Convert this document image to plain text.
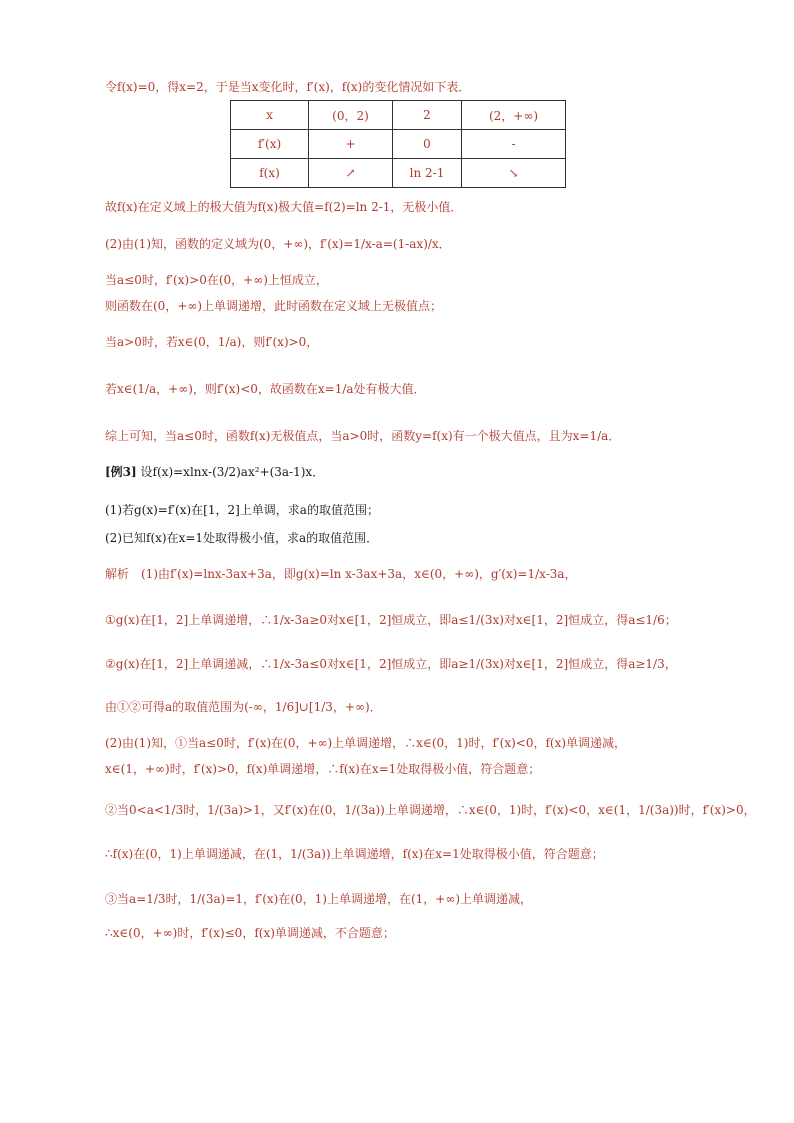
令f(x)=0，得x=2，于是当x变化时，f′(x)，f(x)的变化情况如下表．
x	(0，2)	2	(2，+∞)
f′(x)	+	0	-
f(x)	↗	ln 2-1	↘
故f(x)在定义域上的极大值为f(x)极大值=f(2)=ln 2-1，无极小值．
(2)由(1)知，函数的定义域为(0，+∞)，f′(x)=1/x-a=(1-ax)/x．
当a≤0时，f′(x)>0在(0，+∞)上恒成立，
则函数在(0，+∞)上单调递增，此时函数在定义域上无极值点；
当a>0时，若x∈(0，1/a)，则f′(x)>0，
若x∈(1/a，+∞)，则f′(x)<0，故函数在x=1/a处有极大值．
综上可知，当a≤0时，函数f(x)无极值点，当a>0时，函数y=f(x)有一个极大值点，且为x=1/a．
[例3] 设f(x)=xlnx-(3/2)ax²+(3a-1)x．
(1)若g(x)=f′(x)在[1，2]上单调，求a的取值范围；
(2)已知f(x)在x=1处取得极小值，求a的取值范围．
解析　(1)由f′(x)=lnx-3ax+3a，即g(x)=ln x-3ax+3a，x∈(0，+∞)，g′(x)=1/x-3a，
①g(x)在[1，2]上单调递增，∴1/x-3a≥0对x∈[1，2]恒成立，即a≤1/(3x)对x∈[1，2]恒成立，得a≤1/6；
②g(x)在[1，2]上单调递减，∴1/x-3a≤0对x∈[1，2]恒成立，即a≥1/(3x)对x∈[1，2]恒成立，得a≥1/3，
由①②可得a的取值范围为(-∞，1/6]∪[1/3，+∞)．
(2)由(1)知，①当a≤0时，f′(x)在(0，+∞)上单调递增，∴x∈(0，1)时，f′(x)<0，f(x)单调递减，
x∈(1，+∞)时，f′(x)>0，f(x)单调递增，∴f(x)在x=1处取得极小值，符合题意；
②当0<a<1/3时，1/(3a)>1，又f′(x)在(0，1/(3a))上单调递增，∴x∈(0，1)时，f′(x)<0，x∈(1，1/(3a))时，f′(x)>0，
∴f(x)在(0，1)上单调递减，在(1，1/(3a))上单调递增，f(x)在x=1处取得极小值，符合题意；
③当a=1/3时，1/(3a)=1，f′(x)在(0，1)上单调递增，在(1，+∞)上单调递减，
∴x∈(0，+∞)时，f′(x)≤0，f(x)单调递减，不合题意；
